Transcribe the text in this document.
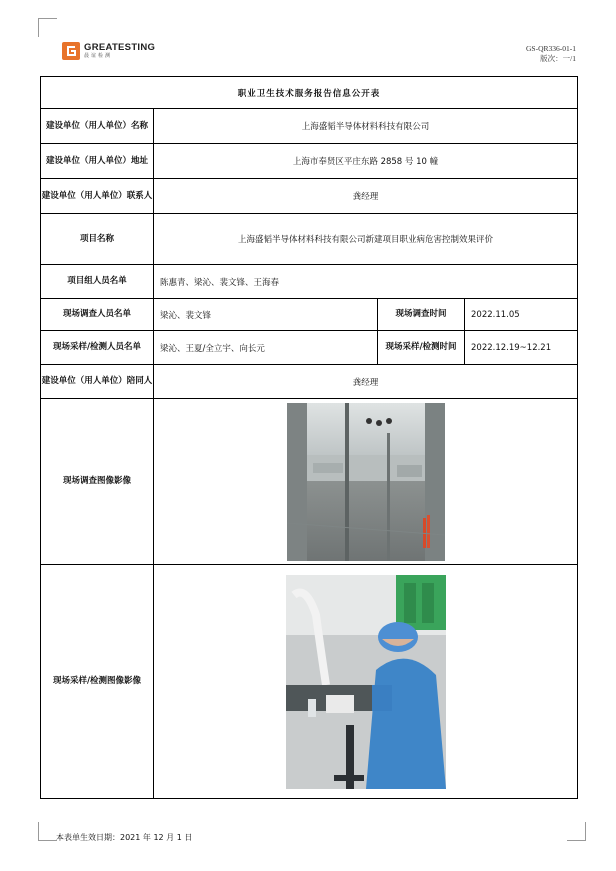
GREATESTING
晨谊检测
GS-QR336-01-1
版次：一/1
职业卫生技术服务报告信息公开表			
建设单位（用人单位）名称	上海盛韬半导体材料科技有限公司		
建设单位（用人单位）地址	上海市奉贤区平庄东路 2858 号 10 幢		
建设单位（用人单位）联系人	龚经理		
项目名称	上海盛韬半导体材料科技有限公司新建项目职业病危害控制效果评价		
项目组人员名单	陈惠青、梁沁、裴文锋、王海春		
现场调查人员名单	梁沁、裴文锋	现场调查时间	2022.11.05
现场采样/检测人员名单	梁沁、王夏/全立宇、向长元	现场采样/检测时间	2022.12.19~12.21
建设单位（用人单位）陪同人	龚经理		
现场调查图像影像	

现场采样/检测图像影像	
本表单生效日期：2021 年 12 月 1 日
